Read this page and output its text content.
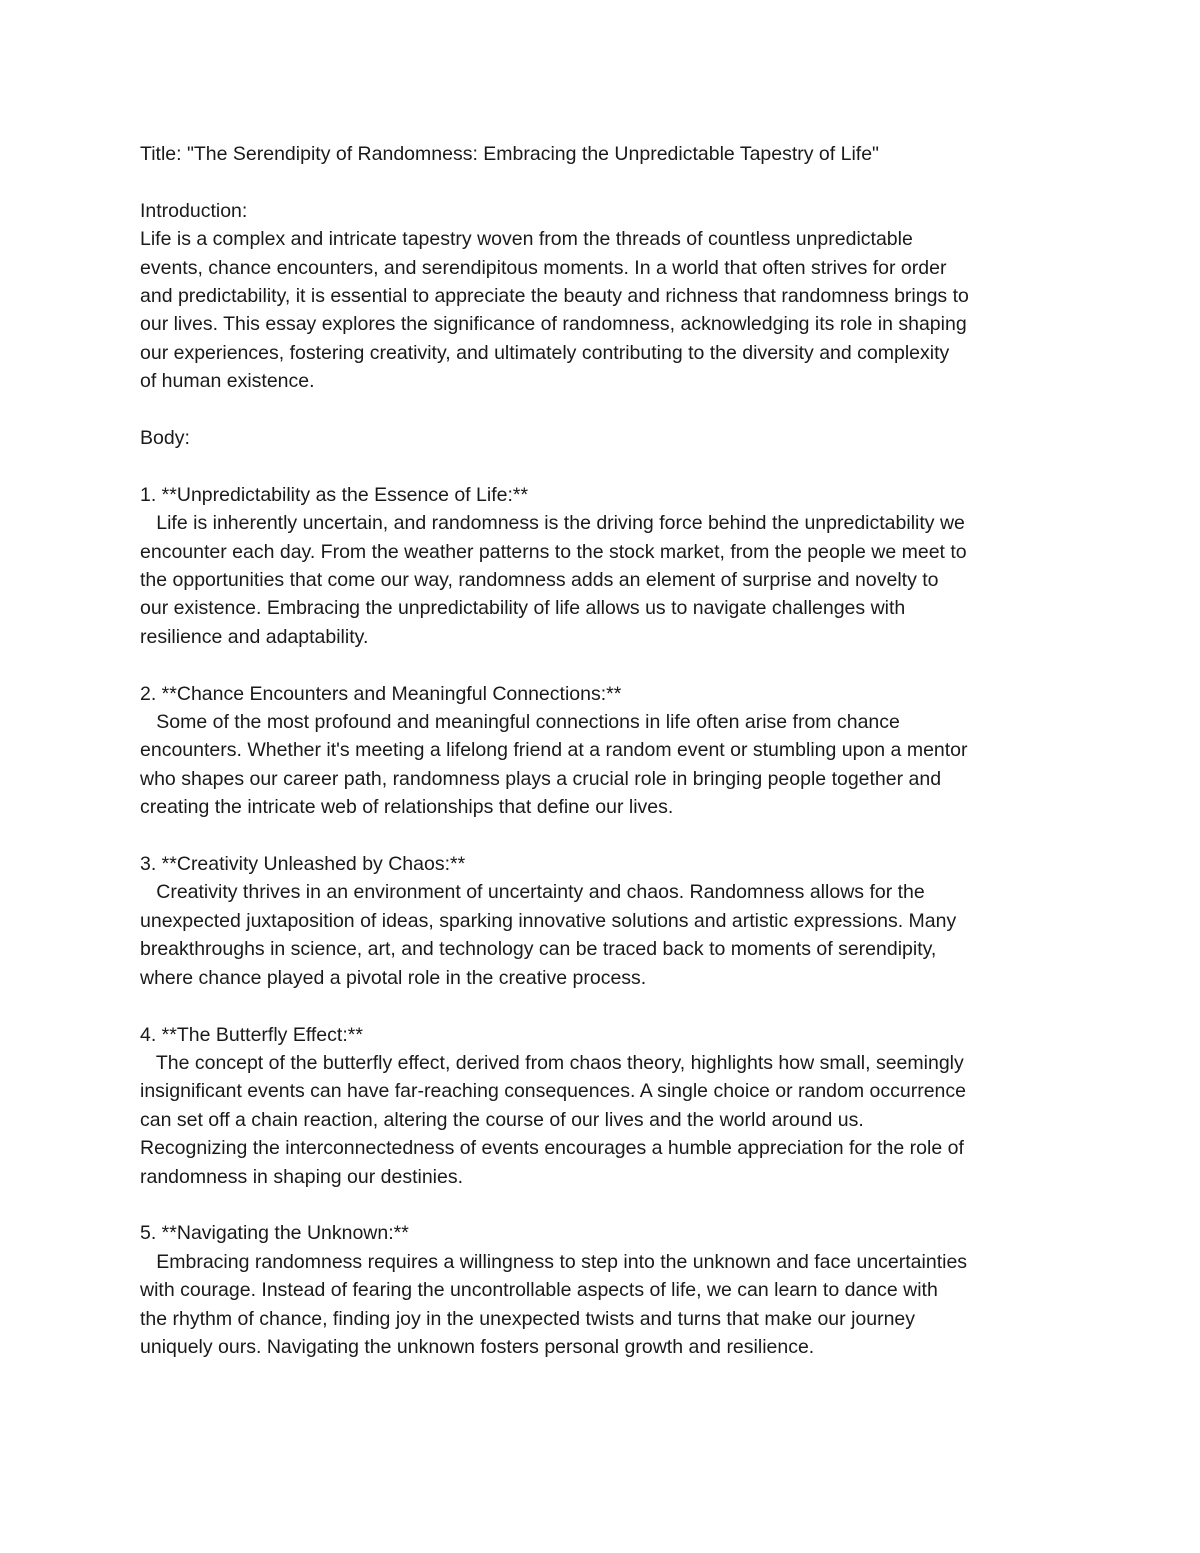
Title: "The Serendipity of Randomness: Embracing the Unpredictable Tapestry of Life"
Introduction:
Life is a complex and intricate tapestry woven from the threads of countless unpredictable
events, chance encounters, and serendipitous moments. In a world that often strives for order
and predictability, it is essential to appreciate the beauty and richness that randomness brings to
our lives. This essay explores the significance of randomness, acknowledging its role in shaping
our experiences, fostering creativity, and ultimately contributing to the diversity and complexity
of human existence.
Body:
1. **Unpredictability as the Essence of Life:**
Life is inherently uncertain, and randomness is the driving force behind the unpredictability we
encounter each day. From the weather patterns to the stock market, from the people we meet to
the opportunities that come our way, randomness adds an element of surprise and novelty to
our existence. Embracing the unpredictability of life allows us to navigate challenges with
resilience and adaptability.
2. **Chance Encounters and Meaningful Connections:**
Some of the most profound and meaningful connections in life often arise from chance
encounters. Whether it's meeting a lifelong friend at a random event or stumbling upon a mentor
who shapes our career path, randomness plays a crucial role in bringing people together and
creating the intricate web of relationships that define our lives.
3. **Creativity Unleashed by Chaos:**
Creativity thrives in an environment of uncertainty and chaos. Randomness allows for the
unexpected juxtaposition of ideas, sparking innovative solutions and artistic expressions. Many
breakthroughs in science, art, and technology can be traced back to moments of serendipity,
where chance played a pivotal role in the creative process.
4. **The Butterfly Effect:**
The concept of the butterfly effect, derived from chaos theory, highlights how small, seemingly
insignificant events can have far-reaching consequences. A single choice or random occurrence
can set off a chain reaction, altering the course of our lives and the world around us.
Recognizing the interconnectedness of events encourages a humble appreciation for the role of
randomness in shaping our destinies.
5. **Navigating the Unknown:**
Embracing randomness requires a willingness to step into the unknown and face uncertainties
with courage. Instead of fearing the uncontrollable aspects of life, we can learn to dance with
the rhythm of chance, finding joy in the unexpected twists and turns that make our journey
uniquely ours. Navigating the unknown fosters personal growth and resilience.
